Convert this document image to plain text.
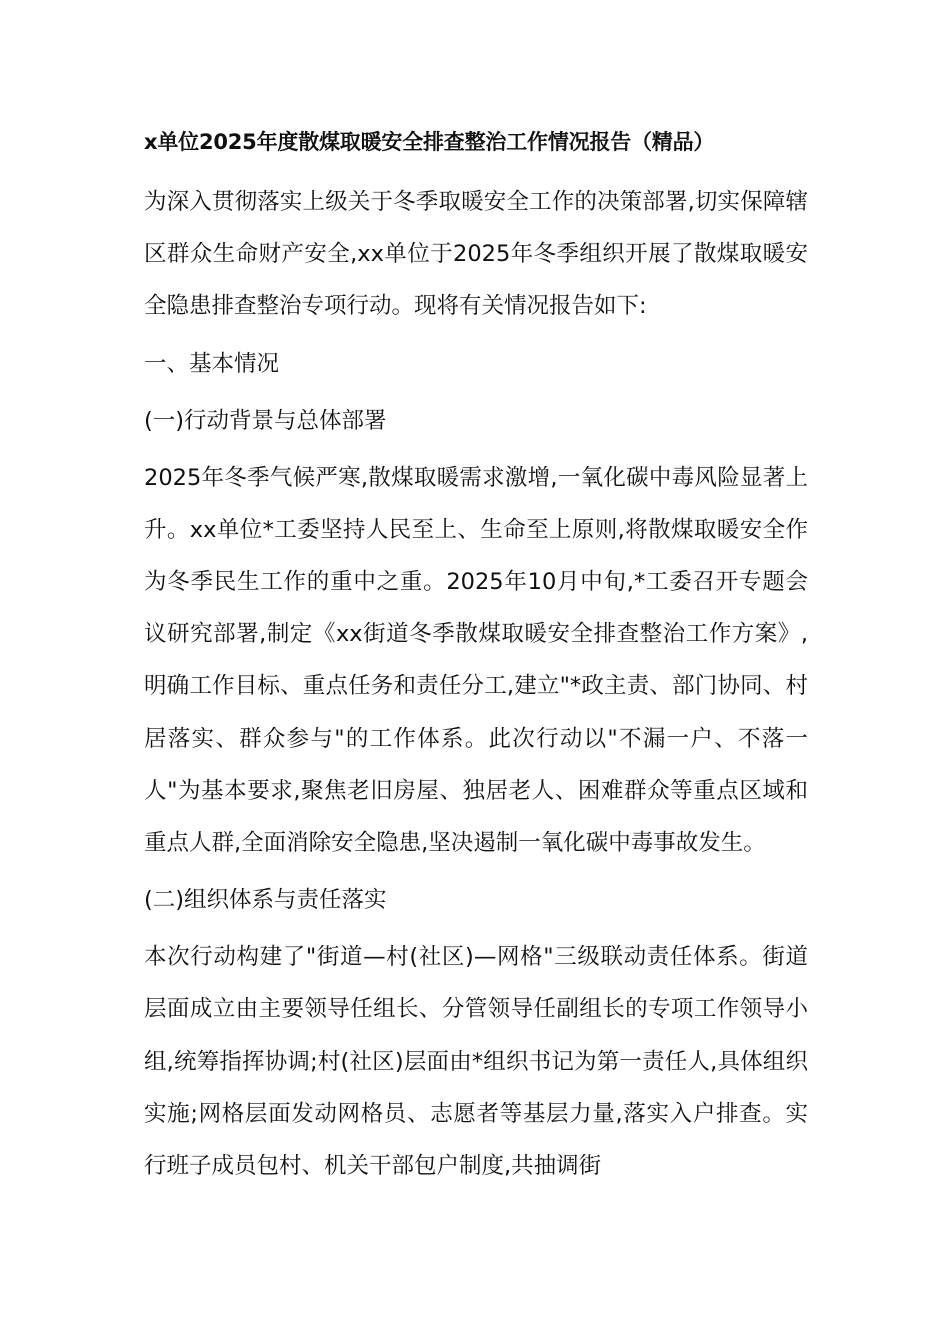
x单位2025年度散煤取暖安全排查整治工作情况报告（精品）

为深入贯彻落实上级关于冬季取暖安全工作的决策部署,切实保障辖区群众生命财产安全,xx单位于2025年冬季组织开展了散煤取暖安全隐患排查整治专项行动。现将有关情况报告如下:

一、基本情况
(一)行动背景与总体部署

2025年冬季气候严寒,散煤取暖需求激增,一氧化碳中毒风险显著上升。xx单位*工委坚持人民至上、生命至上原则,将散煤取暖安全作为冬季民生工作的重中之重。2025年10月中旬,*工委召开专题会议研究部署,制定《xx街道冬季散煤取暖安全排查整治工作方案》,明确工作目标、重点任务和责任分工,建立"*政主责、部门协同、村居落实、群众参与"的工作体系。此次行动以"不漏一户、不落一人"为基本要求,聚焦老旧房屋、独居老人、困难群众等重点区域和重点人群,全面消除安全隐患,坚决遏制一氧化碳中毒事故发生。

(二)组织体系与责任落实

本次行动构建了"街道—村(社区)—网格"三级联动责任体系。街道层面成立由主要领导任组长、分管领导任副组长的专项工作领导小组,统筹指挥协调;村(社区)层面由*组织书记为第一责任人,具体组织实施;网格层面发动网格员、志愿者等基层力量,落实入户排查。实行班子成员包村、机关干部包户制度,共抽调街
